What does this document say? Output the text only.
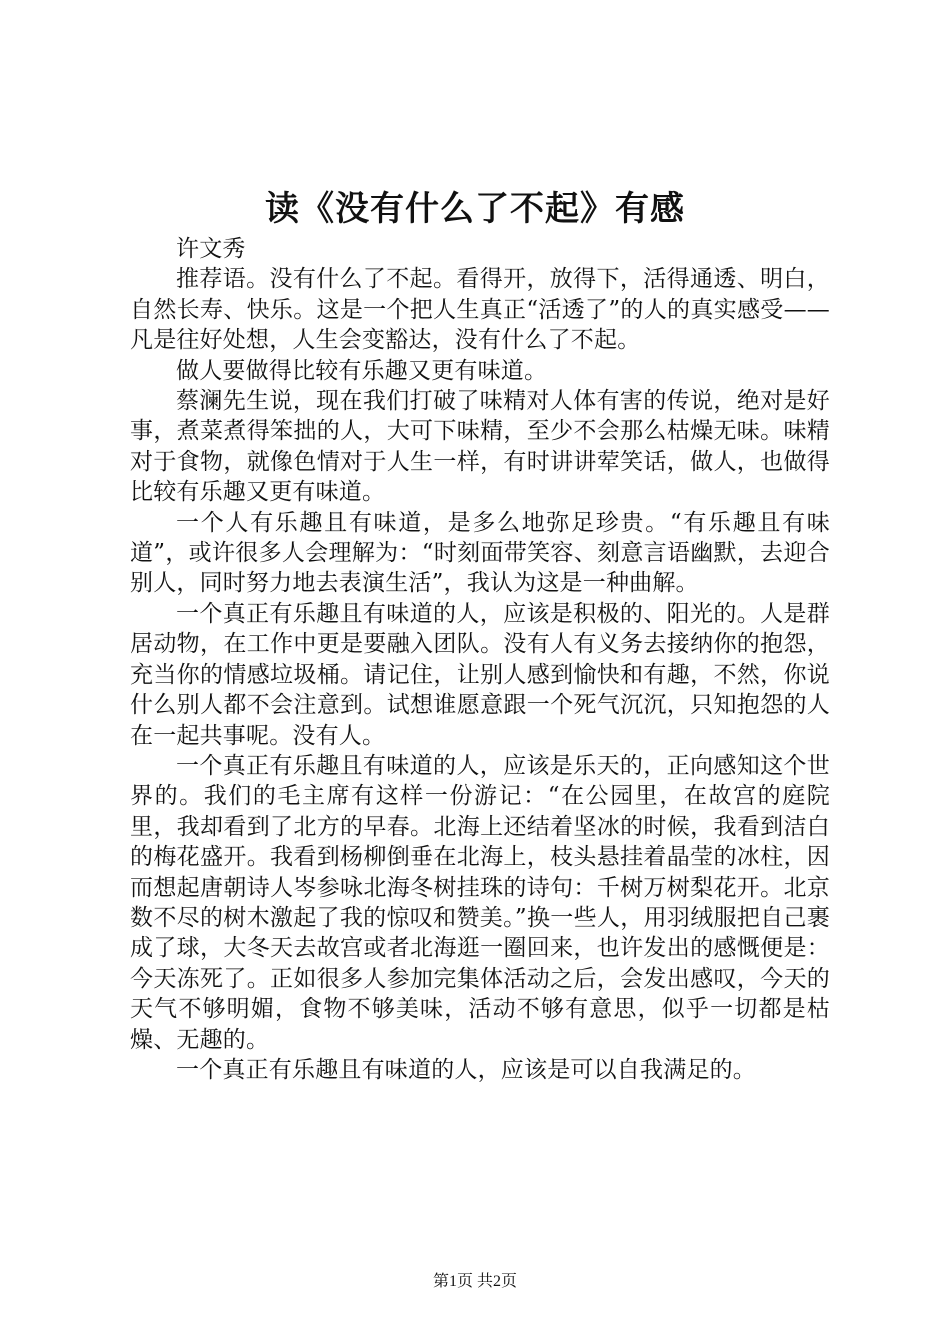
读《没有什么了不起》有感

许文秀

推荐语。没有什么了不起。看得开，放得下，活得通透、明白，自然长寿、快乐。这是一个把人生真正“活透了”的人的真实感受——凡是往好处想，人生会变豁达，没有什么了不起。

做人要做得比较有乐趣又更有味道。

蔡澜先生说，现在我们打破了味精对人体有害的传说，绝对是好事，煮菜煮得笨拙的人，大可下味精，至少不会那么枯燥无味。味精对于食物，就像色情对于人生一样，有时讲讲荤笑话，做人，也做得比较有乐趣又更有味道。

一个人有乐趣且有味道，是多么地弥足珍贵。“有乐趣且有味道”，或许很多人会理解为：“时刻面带笑容、刻意言语幽默，去迎合别人，同时努力地去表演生活”，我认为这是一种曲解。

一个真正有乐趣且有味道的人，应该是积极的、阳光的。人是群居动物，在工作中更是要融入团队。没有人有义务去接纳你的抱怨，充当你的情感垃圾桶。请记住，让别人感到愉快和有趣，不然，你说什么别人都不会注意到。试想谁愿意跟一个死气沉沉，只知抱怨的人在一起共事呢。没有人。

一个真正有乐趣且有味道的人，应该是乐天的，正向感知这个世界的。我们的毛主席有这样一份游记：“在公园里，在故宫的庭院里，我却看到了北方的早春。北海上还结着坚冰的时候，我看到洁白的梅花盛开。我看到杨柳倒垂在北海上，枝头悬挂着晶莹的冰柱，因而想起唐朝诗人岑参咏北海冬树挂珠的诗句：千树万树梨花开。北京数不尽的树木激起了我的惊叹和赞美。”换一些人，用羽绒服把自己裹成了球，大冬天去故宫或者北海逛一圈回来，也许发出的感慨便是：今天冻死了。正如很多人参加完集体活动之后，会发出感叹，今天的天气不够明媚，食物不够美味，活动不够有意思，似乎一切都是枯燥、无趣的。

一个真正有乐趣且有味道的人，应该是可以自我满足的。

第1页 共2页
